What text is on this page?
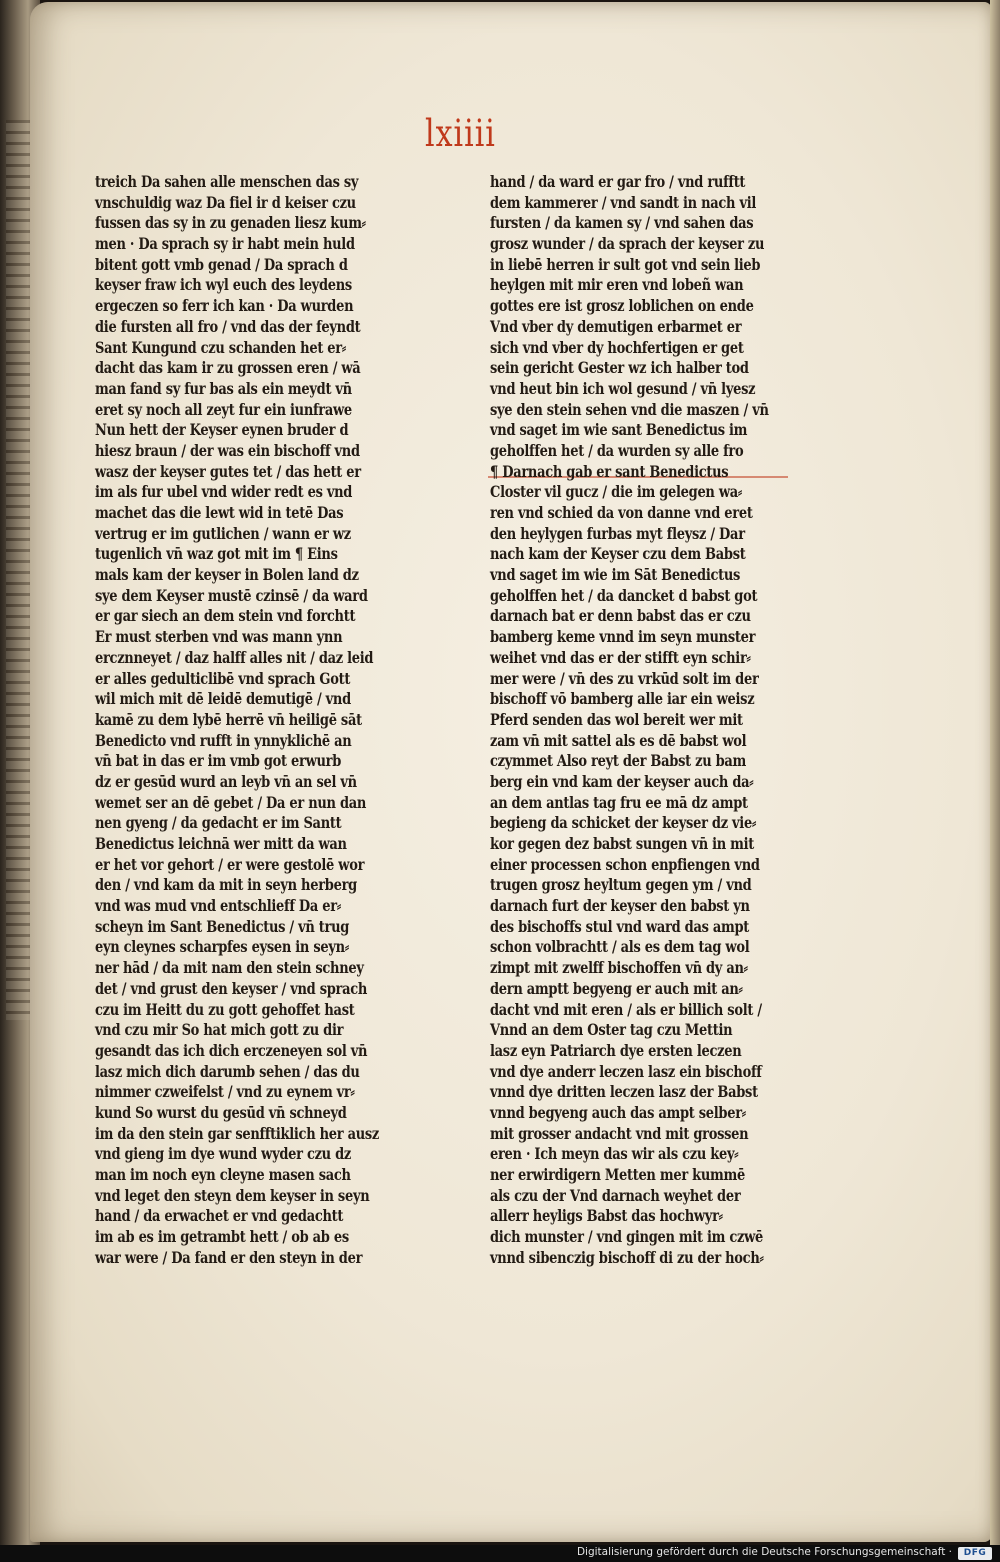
lxiiii
treich Da sahen alle menschen das sy
vnschuldig waz Da fiel ir d keiser czu
fussen das sy in zu genaden liesz kum⸗
men · Da sprach sy ir habt mein huld
bitent gott vmb genad / Da sprach d
keyser fraw ich wyl euch des leydens
ergeczen so ferr ich kan · Da wurden
die fursten all fro / vnd das der feyndt
Sant Kungund czu schanden het er⸗
dacht das kam ir zu grossen eren / wā
man fand sy fur bas als ein meydt vn̄
eret sy noch all zeyt fur ein iunfrawe
Nun hett der Keyser eynen bruder d
hiesz braun / der was ein bischoff vnd
wasz der keyser gutes tet / das hett er
im als fur ubel vnd wider redt es vnd
machet das die lewt wid in tetē Das
vertrug er im gutlichen / wann er wz
tugenlich vn̄ waz got mit im ¶ Eins
mals kam der keyser in Bolen land dz
sye dem Keyser mustē czinsē / da ward
er gar siech an dem stein vnd forchtt
Er must sterben vnd was mann ynn
ercznneyet / daz halff alles nit / daz leid
er alles gedulticlibē vnd sprach Gott
wil mich mit dē leidē demutigē / vnd
kamē zu dem lybē herrē vn̄ heiligē sāt
Benedicto vnd rufft in ynnyklichē an
vn̄ bat in das er im vmb got erwurb
dz er gesūd wurd an leyb vn̄ an sel vn̄
wemet ser an dē gebet / Da er nun dan
nen gyeng / da gedacht er im Santt
Benedictus leichnā wer mitt da wan
er het vor gehort / er were gestolē wor
den / vnd kam da mit in seyn herberg
vnd was mud vnd entschlieff Da er⸗
scheyn im Sant Benedictus / vn̄ trug
eyn cleynes scharpfes eysen in seyn⸗
ner hād / da mit nam den stein schney
det / vnd grust den keyser / vnd sprach
czu im Heitt du zu gott gehoffet hast
vnd czu mir So hat mich gott zu dir
gesandt das ich dich erczeneyen sol vn̄
lasz mich dich darumb sehen / das du
nimmer czweifelst / vnd zu eynem vr⸗
kund So wurst du gesūd vn̄ schneyd
im da den stein gar senfftiklich her ausz
vnd gieng im dye wund wyder czu dz
man im noch eyn cleyne masen sach
vnd leget den steyn dem keyser in seyn
hand / da erwachet er vnd gedachtt
im ab es im getrambt hett / ob ab es
war were / Da fand er den steyn in der
hand / da ward er gar fro / vnd rufftt
dem kammerer / vnd sandt in nach vil
fursten / da kamen sy / vnd sahen das
grosz wunder / da sprach der keyser zu
in liebē herren ir sult got vnd sein lieb
heylgen mit mir eren vnd lobeñ wan
gottes ere ist grosz loblichen on ende
Vnd vber dy demutigen erbarmet er
sich vnd vber dy hochfertigen er get
sein gericht Gester wz ich halber tod
vnd heut bin ich wol gesund / vn̄ lyesz
sye den stein sehen vnd die maszen / vn̄
vnd saget im wie sant Benedictus im
geholffen het / da wurden sy alle fro
¶ Darnach gab er sant Benedictus
Closter vil gucz / die im gelegen wa⸗
ren vnd schied da von danne vnd eret
den heylygen furbas myt fleysz / Dar
nach kam der Keyser czu dem Babst
vnd saget im wie im Sāt Benedictus
geholffen het / da dancket d babst got
darnach bat er denn babst das er czu
bamberg keme vnnd im seyn munster
weihet vnd das er der stifft eyn schir⸗
mer were / vn̄ des zu vrkūd solt im der
bischoff vō bamberg alle iar ein weisz
Pferd senden das wol bereit wer mit
zam vn̄ mit sattel als es dē babst wol
czymmet Also reyt der Babst zu bam
berg ein vnd kam der keyser auch da⸗
an dem antlas tag fru ee mā dz ampt
begieng da schicket der keyser dz vie⸗
kor gegen dez babst sungen vn̄ in mit
einer processen schon enpfiengen vnd
trugen grosz heyltum gegen ym / vnd
darnach furt der keyser den babst yn
des bischoffs stul vnd ward das ampt
schon volbrachtt / als es dem tag wol
zimpt mit zwelff bischoffen vn̄ dy an⸗
dern amptt begyeng er auch mit an⸗
dacht vnd mit eren / als er billich solt /
Vnnd an dem Oster tag czu Mettin
lasz eyn Patriarch dye ersten leczen
vnd dye anderr leczen lasz ein bischoff
vnnd dye dritten leczen lasz der Babst
vnnd begyeng auch das ampt selber⸗
mit grosser andacht vnd mit grossen
eren · Ich meyn das wir als czu key⸗
ner erwirdigern Metten mer kummē
als czu der Vnd darnach weyhet der
allerr heyligs Babst das hochwyr⸗
dich munster / vnd gingen mit im czwē
vnnd sibenczig bischoff di zu der hoch⸗
Digitalisierung gefördert durch die Deutsche Forschungsgemeinschaft ·	DFG
